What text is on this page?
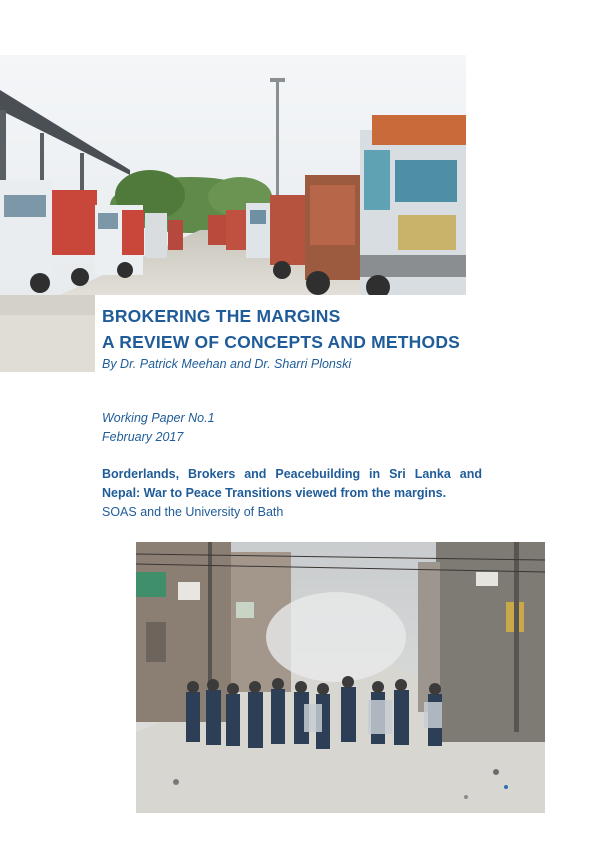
BROKERING THE MARGINS
A REVIEW OF CONCEPTS AND METHODS
By Dr. Patrick Meehan and Dr. Sharri Plonski
Working Paper No.1
February 2017

Borderlands, Brokers and Peacebuilding in Sri Lanka and Nepal: War to Peace Transitions viewed from the margins.

SOAS and the University of Bath
